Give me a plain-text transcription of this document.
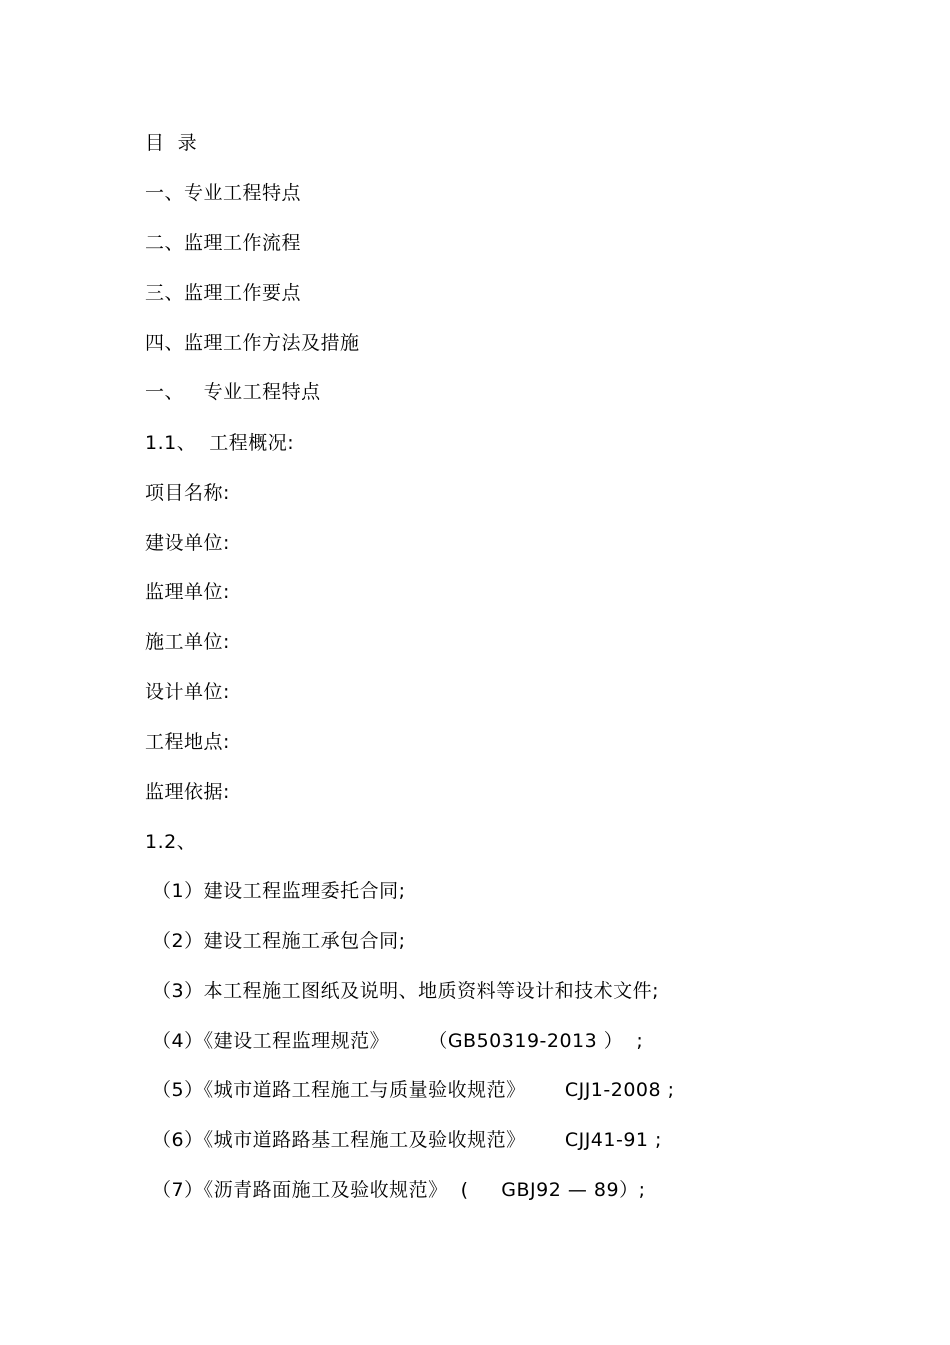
目  录
一、专业工程特点
二、监理工作流程
三、监理工作要点
四、监理工作方法及措施
一、   专业工程特点
1.1、  工程概况:
项目名称:
建设单位:
监理单位:
施工单位:
设计单位:
工程地点:
监理依据:
1.2、
（1）建设工程监理委托合同;
（2）建设工程施工承包合同;
（3）本工程施工图纸及说明、地质资料等设计和技术文件;
（4）《建设工程监理规范》      （GB50319-2013 ）  ;
（5）《城市道路工程施工与质量验收规范》      CJJ1-2008 ;
（6）《城市道路路基工程施工及验收规范》      CJJ41-91 ;
（7）《沥青路面施工及验收规范》  (     GBJ92 — 89）;
